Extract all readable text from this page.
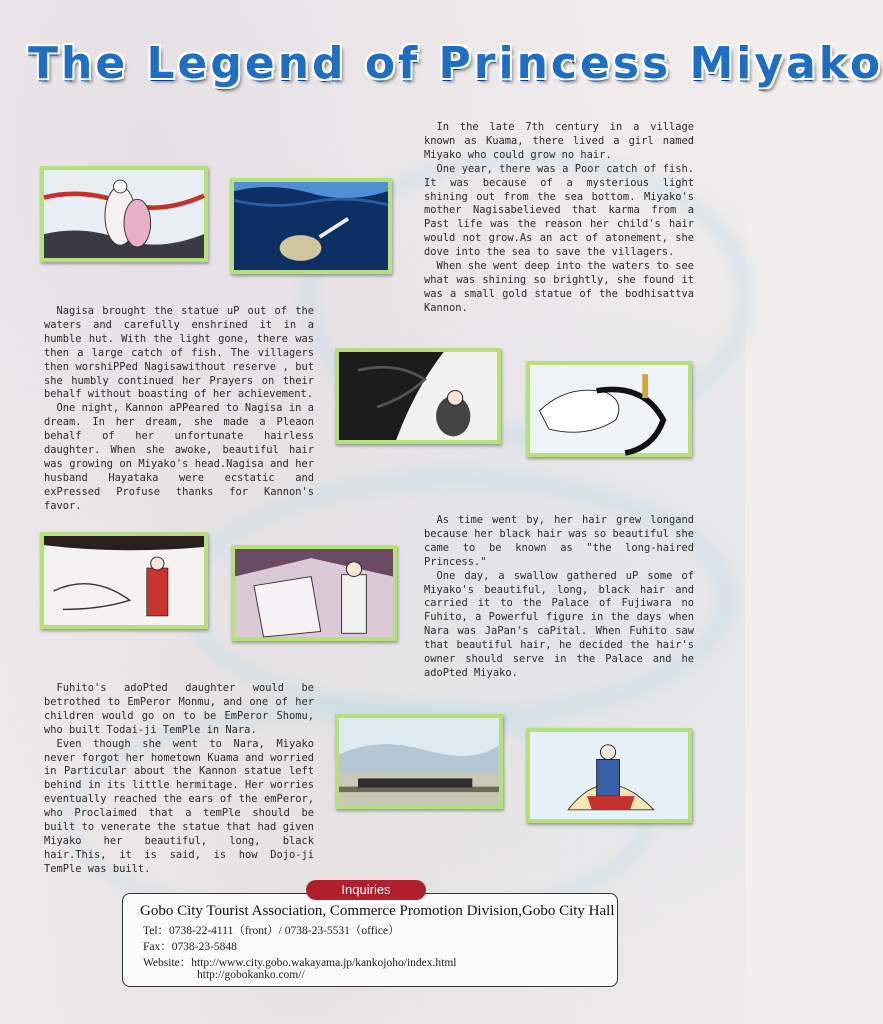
The Legend of Princess Miyako

In the late 7th century in a village known as Kuama, there lived a girl named Miyako who could grow no hair.

One year, there was a Poor catch of fish. It was because of a mysterious light shining out from the sea bottom. Miyako's mother Nagisabelieved that karma from a Past life was the reason her child's hair would not grow.As an act of atonement, she dove into the sea to save the villagers.

When she went deep into the waters to see what was shining so brightly, she found it was a small gold statue of the bodhisattva Kannon.

Nagisa brought the statue uP out of the waters and carefully enshrined it in a humble hut. With the light gone, there was then a large catch of fish. The villagers then worshiPPed Nagisawithout reserve , but she humbly continued her Prayers on their behalf without boasting of her achievement.

One night, Kannon aPPeared to Nagisa in a dream. In her dream, she made a Pleaon behalf of her unfortunate hairless daughter. When she awoke, beautiful hair was growing on Miyako's head.Nagisa and her husband Hayataka were ecstatic and exPressed Profuse thanks for Kannon's favor.

As time went by, her hair grew longand because her black hair was so beautiful she came to be known as "the long-haired Princess."

One day, a swallow gathered uP some of Miyako's beautiful, long, black hair and carried it to the Palace of Fujiwara no Fuhito, a Powerful figure in the days when Nara was JaPan's caPital. When Fuhito saw that beautiful hair, he decided the hair's owner should serve in the Palace and he adoPted Miyako.

Fuhito's adoPted daughter would be betrothed to EmPeror Monmu, and one of her children would go on to be EmPeror Shomu, who built Todai-ji TemPle in Nara.

Even though she went to Nara, Miyako never forgot her hometown Kuama and worried in Particular about the Kannon statue left behind in its little hermitage. Her worries eventually reached the ears of the emPeror, who Proclaimed that a temPle should be built to venerate the statue that had given Miyako her beautiful, long, black hair.This, it is said, is how Dojo-ji TemPle was built.

Inquiries
Gobo City Tourist Association, Commerce Promotion Division,Gobo City Hall
Tel：0738-22-4111（front）/ 0738-23-5531（office）
Fax：0738-23-5848
Website：http://www.city.gobo.wakayama.jp/kankojoho/index.html
http://gobokanko.com//
